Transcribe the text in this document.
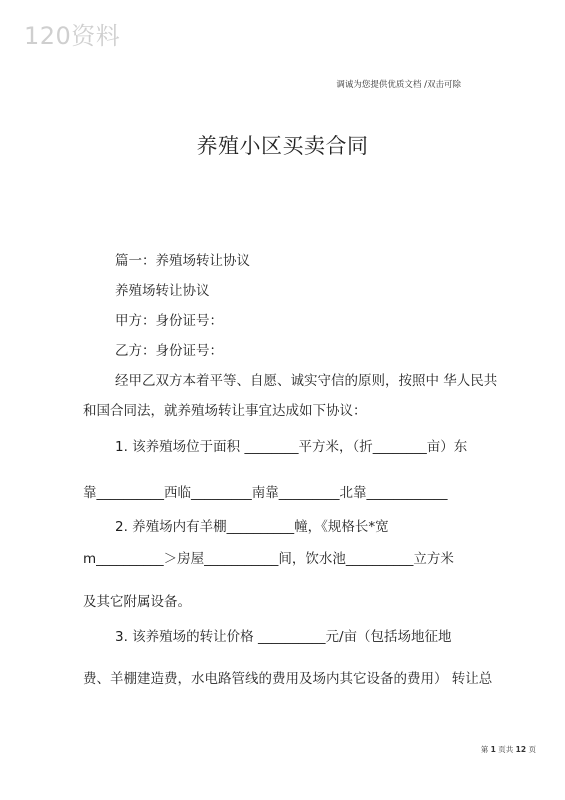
120资料
调诚为您提供优质文档 /双击可除
养殖小区买卖合同
篇一：养殖场转让协议
养殖场转让协议
甲方：身份证号：
乙方：身份证号：
经甲乙双方本着平等、自愿、诚实守信的原则，按照中 华人民共
和国合同法，就养殖场转让事宜达成如下协议：
1. 该养殖场位于面积 ________平方米，（折________亩）东
靠__________西临_________南靠_________北靠____________
2. 养殖场内有羊棚__________幢，《规格长*宽
m__________＞房屋___________间，饮水池__________立方米
及其它附属设备。
3. 该养殖场的转让价格 __________元/亩（包括场地征地
费、羊棚建造费，水电路管线的费用及场内其它设备的费用） 转让总
第 1 页共 12 页
